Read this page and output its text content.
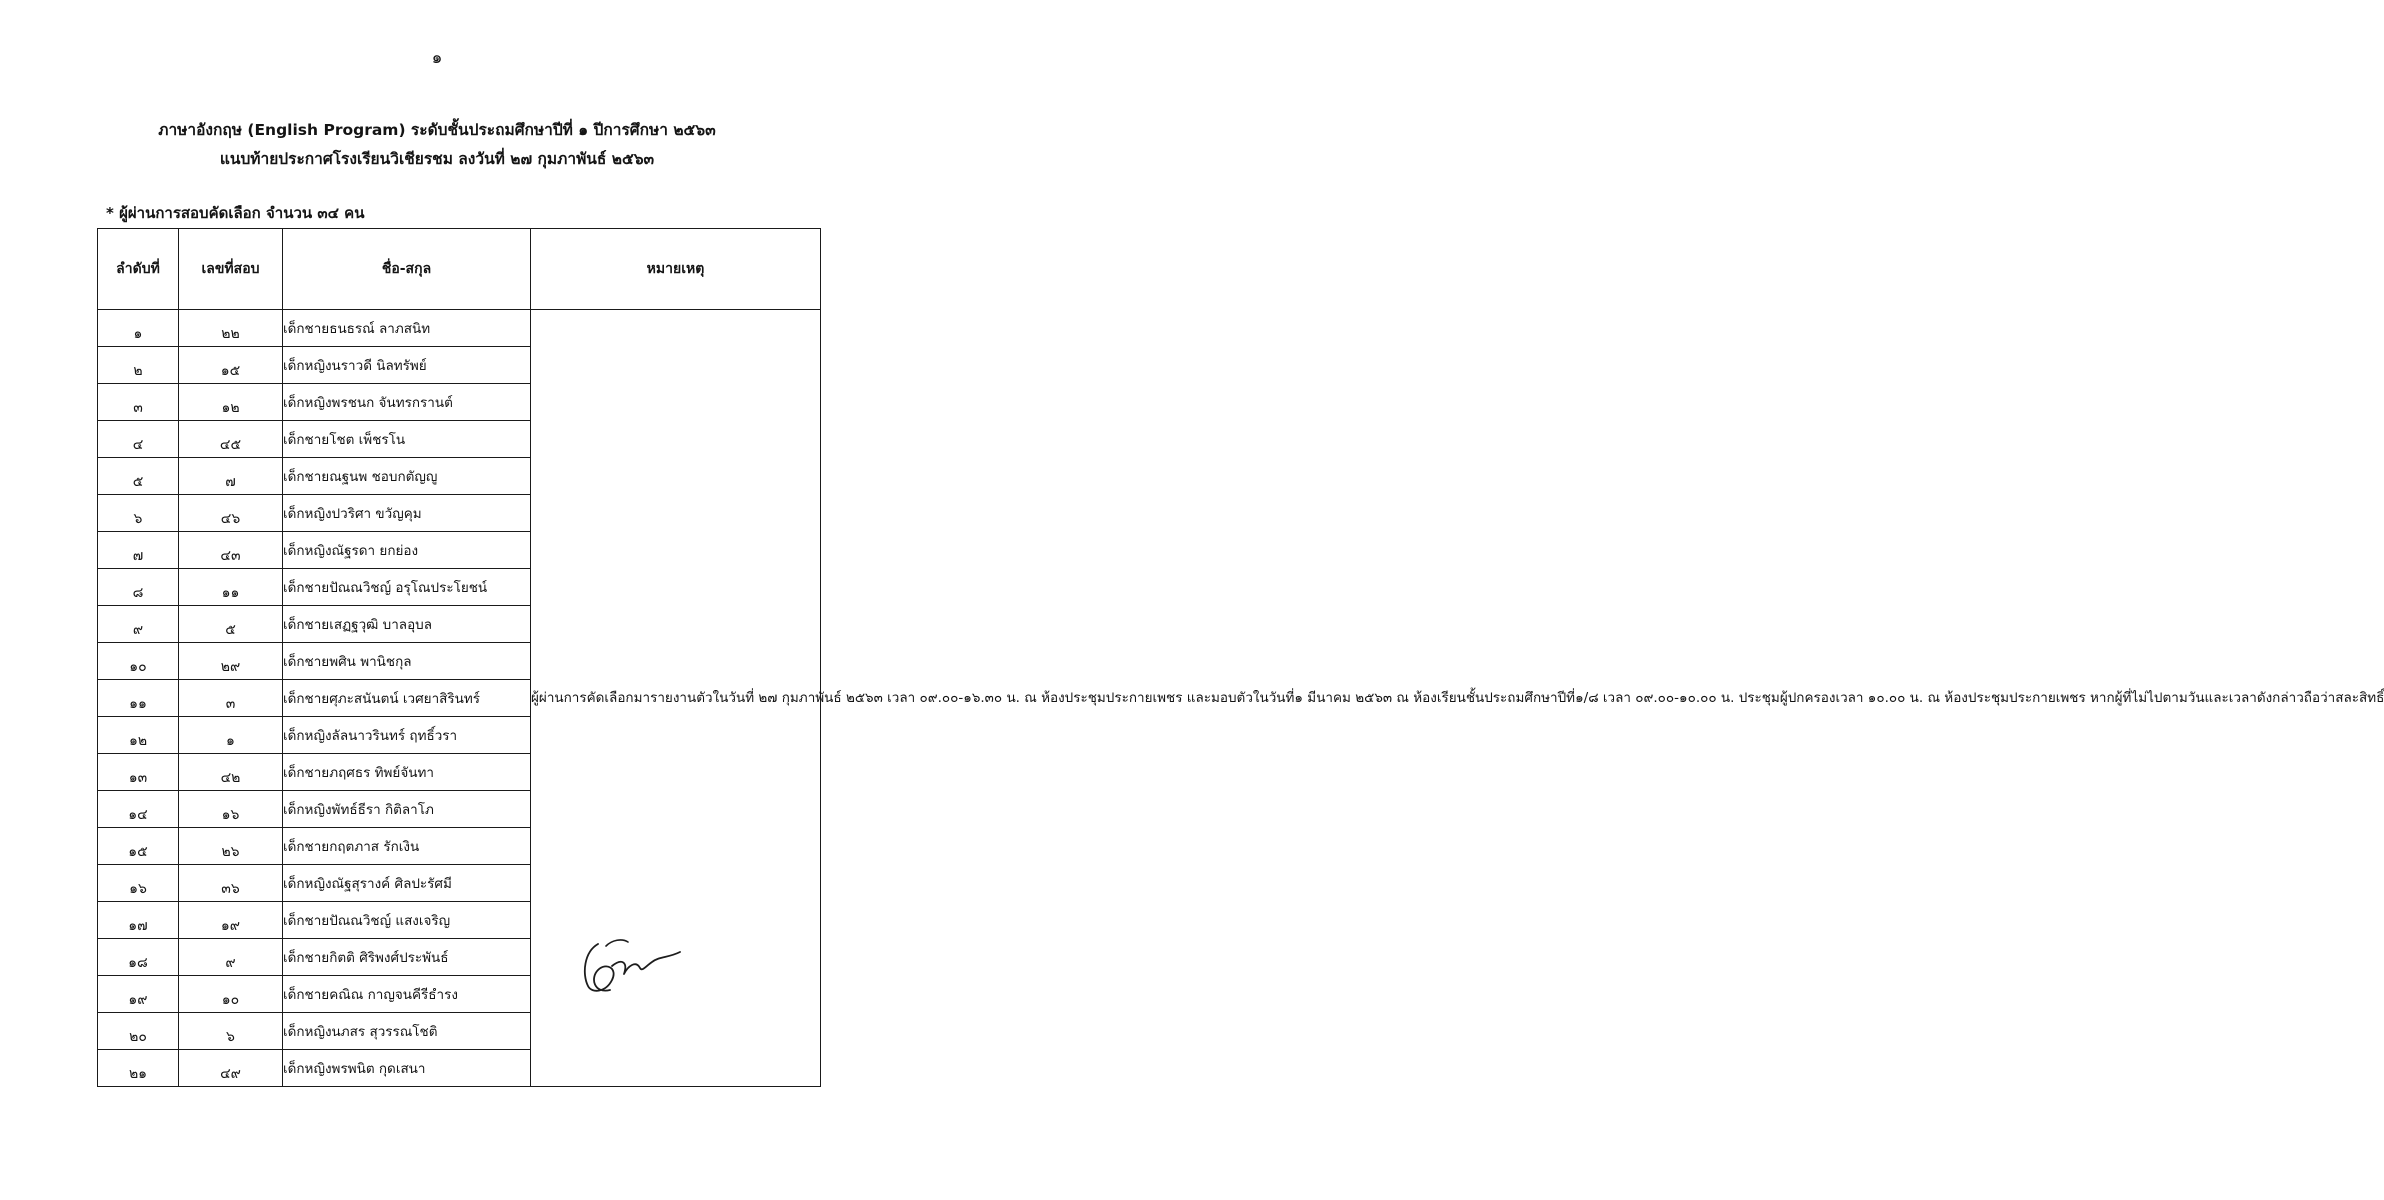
๑
ภาษาอังกฤษ (English Program) ระดับชั้นประถมศึกษาปีที่ ๑ ปีการศึกษา ๒๕๖๓
แนบท้ายประกาศโรงเรียนวิเชียรชม ลงวันที่ ๒๗ กุมภาพันธ์ ๒๕๖๓
* ผู้ผ่านการสอบคัดเลือก จำนวน ๓๔ คน
ลำดับที่	เลขที่สอบ	ชื่อ-สกุล	หมายเหตุ
๑	๒๒	เด็กชายธนธรณ์ ลาภสนิท	ผู้ผ่านการคัดเลือกมารายงานตัวในวันที่ ๒๗ กุมภาพันธ์ ๒๕๖๓ เวลา ๐๙.๐๐-๑๖.๓๐ น. ณ ห้องประชุมประกายเพชร และมอบตัวในวันที่๑ มีนาคม ๒๕๖๓ ณ ห้องเรียนชั้นประถมศึกษาปีที่๑/๘ เวลา ๐๙.๐๐-๑๐.๐๐ น. ประชุมผู้ปกครองเวลา ๑๐.๐๐ น. ณ ห้องประชุมประกายเพชร หากผู้ที่ไม่ไปตามวันและเวลาดังกล่าวถือว่าสละสิทธิ์
๒	๑๕	เด็กหญิงนราวดี นิลทรัพย์	
๓	๑๒	เด็กหญิงพรชนก จันทรกรานต์	
๔	๔๕	เด็กชายโชต เพ็ชรโน	
๕	๗	เด็กชายณฐนพ ชอบกตัญญู	
๖	๔๖	เด็กหญิงปวริศา ขวัญคุม	
๗	๔๓	เด็กหญิงณัฐรดา ยกย่อง	
๘	๑๑	เด็กชายปัณณวิชญ์ อรุโณประโยชน์	
๙	๕	เด็กชายเสฏฐวุฒิ บาลอุบล	
๑๐	๒๙	เด็กชายพศิน พานิชกุล	
๑๑	๓	เด็กชายศุภะสนันตน์ เวศยาสิรินทร์	
๑๒	๑	เด็กหญิงลัลนาวรินทร์ ฤทธิ์วรา	
๑๓	๔๒	เด็กชายภฤศธร ทิพย์จันทา	
๑๔	๑๖	เด็กหญิงพัทธ์ธีรา กิติลาโภ	
๑๕	๒๖	เด็กชายกฤตภาส รักเงิน	
๑๖	๓๖	เด็กหญิงณัฐสุรางค์ ศิลปะรัศมี	
๑๗	๑๙	เด็กชายปัณณวิชญ์ แสงเจริญ	
๑๘	๙	เด็กชายกิตติ ศิริพงศ์ประพันธ์	
๑๙	๑๐	เด็กชายคณิณ กาญจนคีรีธำรง	
๒๐	๖	เด็กหญิงนภสร สุวรรณโชติ	
๒๑	๔๙	เด็กหญิงพรพนิต กุดเสนา	
